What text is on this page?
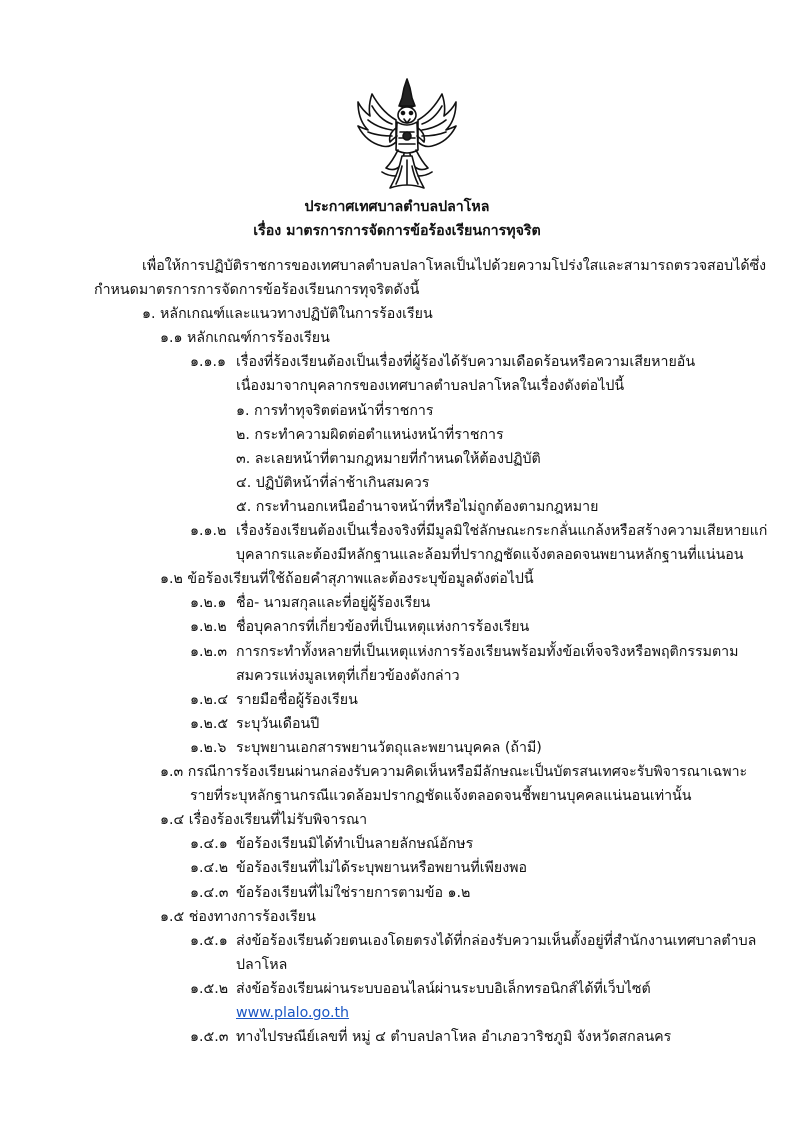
ประกาศเทศบาลตำบลปลาโหล
เรื่อง มาตรการการจัดการข้อร้องเรียนการทุจริต
เพื่อให้การปฏิบัติราชการของเทศบาลตำบลปลาโหลเป็นไปด้วยความโปร่งใสและสามารถตรวจสอบได้ซึ่ง
กำหนดมาตรการการจัดการข้อร้องเรียนการทุจริตดังนี้
๑. หลักเกณฑ์และแนวทางปฏิบัติในการร้องเรียน
๑.๑ หลักเกณฑ์การร้องเรียน
๑.๑.๑ เรื่องที่ร้องเรียนต้องเป็นเรื่องที่ผู้ร้องได้รับความเดือดร้อนหรือความเสียหายอัน
เนื่องมาจากบุคลากรของเทศบาลตำบลปลาโหลในเรื่องดังต่อไปนี้
๑. การทำทุจริตต่อหน้าที่ราชการ
๒. กระทำความผิดต่อตำแหน่งหน้าที่ราชการ
๓. ละเลยหน้าที่ตามกฎหมายที่กำหนดให้ต้องปฏิบัติ
๔. ปฏิบัติหน้าที่ล่าช้าเกินสมควร
๕. กระทำนอกเหนืออำนาจหน้าที่หรือไม่ถูกต้องตามกฎหมาย
๑.๑.๒ เรื่องร้องเรียนต้องเป็นเรื่องจริงที่มีมูลมิใช่ลักษณะกระกลั่นแกล้งหรือสร้างความเสียหายแก่
บุคลากรและต้องมีหลักฐานและล้อมที่ปรากฏชัดแจ้งตลอดจนพยานหลักฐานที่แน่นอน
๑.๒ ข้อร้องเรียนที่ใช้ถ้อยคำสุภาพและต้องระบุข้อมูลดังต่อไปนี้
๑.๒.๑ ชื่อ- นามสกุลและที่อยู่ผู้ร้องเรียน
๑.๒.๒ ชื่อบุคลากรที่เกี่ยวข้องที่เป็นเหตุแห่งการร้องเรียน
๑.๒.๓ การกระทำทั้งหลายที่เป็นเหตุแห่งการร้องเรียนพร้อมทั้งข้อเท็จจริงหรือพฤติกรรมตาม
สมควรแห่งมูลเหตุที่เกี่ยวข้องดังกล่าว
๑.๒.๔ รายมือชื่อผู้ร้องเรียน
๑.๒.๕ ระบุวันเดือนปี
๑.๒.๖ ระบุพยานเอกสารพยานวัตถุและพยานบุคคล (ถ้ามี)
๑.๓ กรณีการร้องเรียนผ่านกล่องรับความคิดเห็นหรือมีลักษณะเป็นบัตรสนเทศจะรับพิจารณาเฉพาะ
รายที่ระบุหลักฐานกรณีแวดล้อมปรากฏชัดแจ้งตลอดจนชี้พยานบุคคลแน่นอนเท่านั้น
๑.๔ เรื่องร้องเรียนที่ไม่รับพิจารณา
๑.๔.๑ ข้อร้องเรียนมิได้ทำเป็นลายลักษณ์อักษร
๑.๔.๒ ข้อร้องเรียนที่ไม่ได้ระบุพยานหรือพยานที่เพียงพอ
๑.๔.๓ ข้อร้องเรียนที่ไม่ใช่รายการตามข้อ ๑.๒
๑.๕ ช่องทางการร้องเรียน
๑.๕.๑ ส่งข้อร้องเรียนด้วยตนเองโดยตรงได้ที่กล่องรับความเห็นตั้งอยู่ที่สำนักงานเทศบาลตำบล
ปลาโหล
๑.๕.๒ ส่งข้อร้องเรียนผ่านระบบออนไลน์ผ่านระบบอิเล็กทรอนิกส์ได้ที่เว็บไซต์
www.plalo.go.th
๑.๕.๓ ทางไปรษณีย์เลขที่ หมู่ ๔ ตำบลปลาโหล อำเภอวาริชภูมิ จังหวัดสกลนคร
